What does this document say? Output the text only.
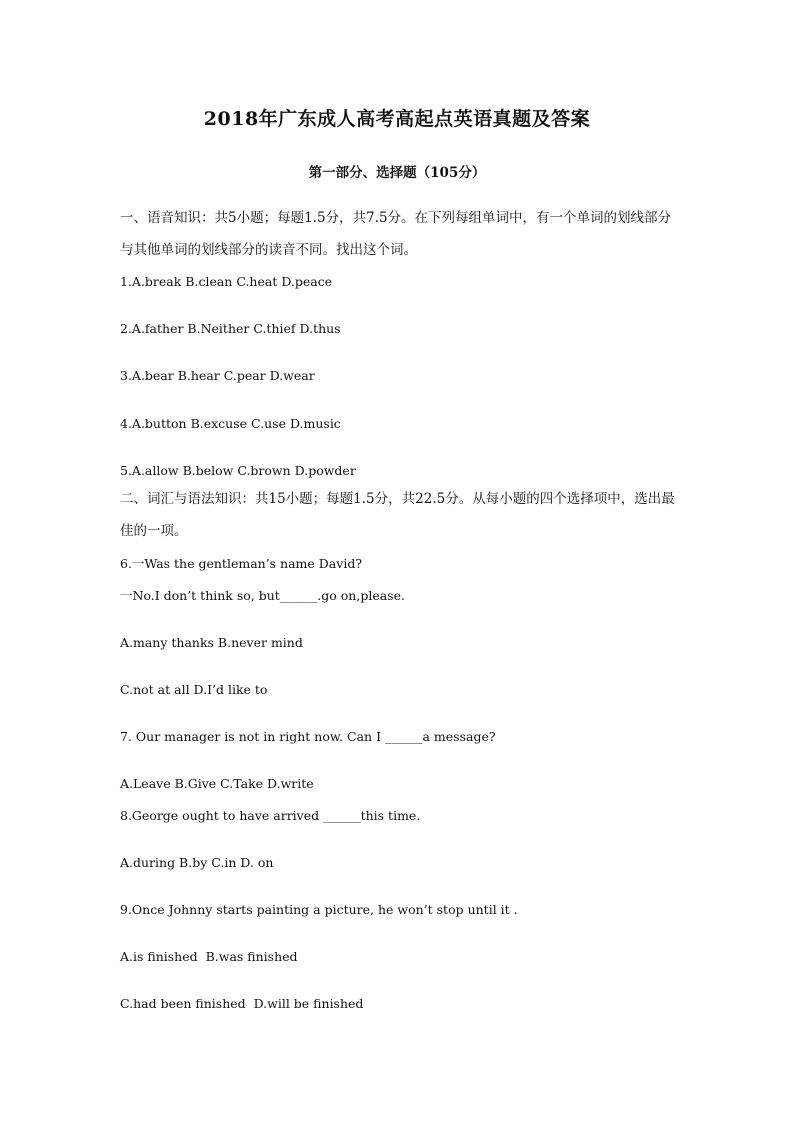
2018年广东成人高考高起点英语真题及答案
第一部分、选择题（105分）
一、语音知识：共5小题；每题1.5分，共7.5分。在下列每组单词中，有一个单词的划线部分与其他单词的划线部分的读音不同。找出这个词。
1.A.break B.clean C.heat D.peace
2.A.father B.Neither C.thief D.thus
3.A.bear B.hear C.pear D.wear
4.A.button B.excuse C.use D.music
5.A.allow B.below C.brown D.powder
二、词汇与语法知识：共15小题；每题1.5分，共22.5分。从每小题的四个选择项中，选出最佳的一项。
6.一Was the gentleman’s name David?
一No.I don’t think so, but______.go on,please.
A.many thanks B.never mind
C.not at all D.I’d like to
7. Our manager is not in right now. Can I ______a message?
A.Leave B.Give C.Take D.write
8.George ought to have arrived ______this time.
A.during B.by C.in D. on
9.Once Johnny starts painting a picture, he won’t stop until it .
A.is finished  B.was finished
C.had been finished  D.will be finished
